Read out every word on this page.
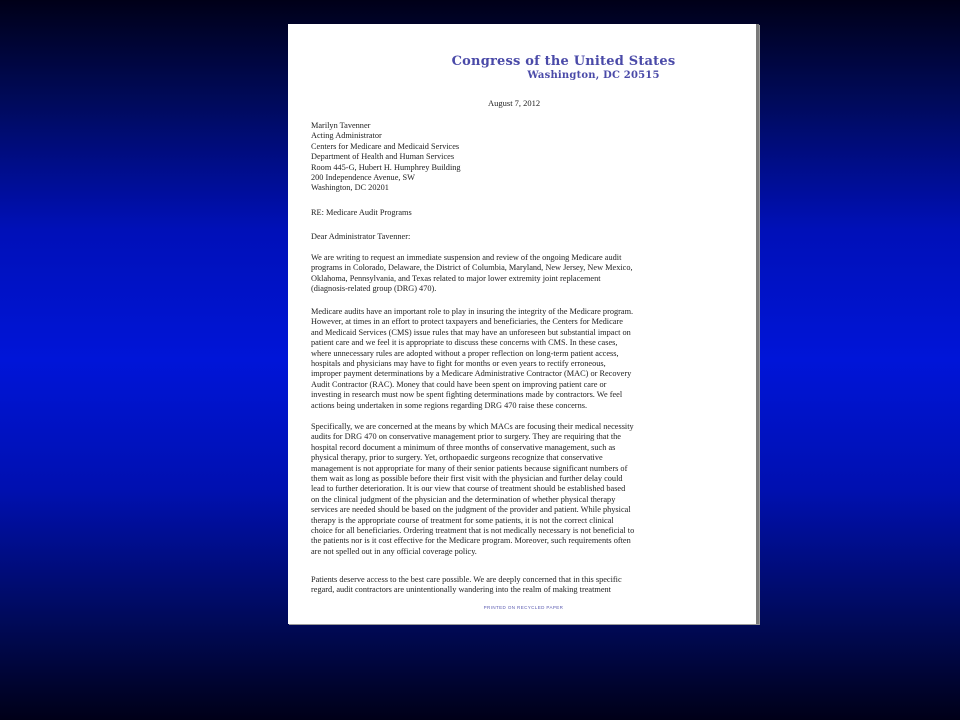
Congress of the United States
Washington, DC 20515
August 7, 2012
Marilyn Tavenner
Acting Administrator
Centers for Medicare and Medicaid Services
Department of Health and Human Services
Room 445-G, Hubert H. Humphrey Building
200 Independence Avenue, SW
Washington, DC 20201
RE: Medicare Audit Programs
Dear Administrator Tavenner:
We are writing to request an immediate suspension and review of the ongoing Medicare audit
programs in Colorado, Delaware, the District of Columbia, Maryland, New Jersey, New Mexico,
Oklahoma, Pennsylvania, and Texas related to major lower extremity joint replacement
(diagnosis-related group (DRG) 470).
Medicare audits have an important role to play in insuring the integrity of the Medicare program.
However, at times in an effort to protect taxpayers and beneficiaries, the Centers for Medicare
and Medicaid Services (CMS) issue rules that may have an unforeseen but substantial impact on
patient care and we feel it is appropriate to discuss these concerns with CMS. In these cases,
where unnecessary rules are adopted without a proper reflection on long-term patient access,
hospitals and physicians may have to fight for months or even years to rectify erroneous,
improper payment determinations by a Medicare Administrative Contractor (MAC) or Recovery
Audit Contractor (RAC). Money that could have been spent on improving patient care or
investing in research must now be spent fighting determinations made by contractors. We feel
actions being undertaken in some regions regarding DRG 470 raise these concerns.
Specifically, we are concerned at the means by which MACs are focusing their medical necessity
audits for DRG 470 on conservative management prior to surgery. They are requiring that the
hospital record document a minimum of three months of conservative management, such as
physical therapy, prior to surgery. Yet, orthopaedic surgeons recognize that conservative
management is not appropriate for many of their senior patients because significant numbers of
them wait as long as possible before their first visit with the physician and further delay could
lead to further deterioration. It is our view that course of treatment should be established based
on the clinical judgment of the physician and the determination of whether physical therapy
services are needed should be based on the judgment of the provider and patient. While physical
therapy is the appropriate course of treatment for some patients, it is not the correct clinical
choice for all beneficiaries. Ordering treatment that is not medically necessary is not beneficial to
the patients nor is it cost effective for the Medicare program. Moreover, such requirements often
are not spelled out in any official coverage policy.
Patients deserve access to the best care possible. We are deeply concerned that in this specific
regard, audit contractors are unintentionally wandering into the realm of making treatment
PRINTED ON RECYCLED PAPER
